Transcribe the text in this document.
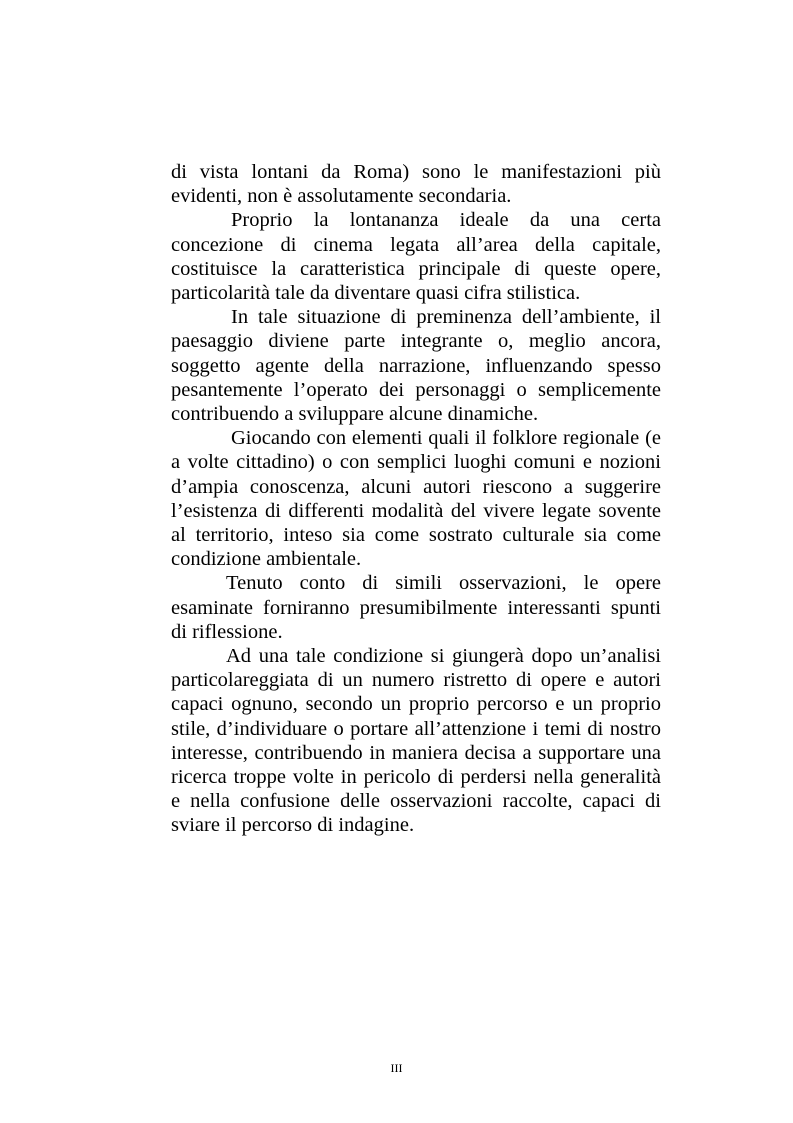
di vista lontani da Roma) sono le manifestazioni più evidenti, non è assolutamente secondaria.

Proprio la lontananza ideale da una certa concezione di cinema legata all’area della capitale, costituisce la caratteristica principale di queste opere, particolarità tale da diventare quasi cifra stilistica.

In tale situazione di preminenza dell’ambiente, il paesaggio diviene parte integrante o, meglio ancora, soggetto agente della narrazione, influenzando spesso pesantemente l’operato dei personaggi o semplicemente contribuendo a sviluppare alcune dinamiche.

Giocando con elementi quali il folklore regionale (e a volte cittadino) o con semplici luoghi comuni e nozioni d’ampia conoscenza, alcuni autori riescono a suggerire l’esistenza di differenti modalità del vivere legate sovente al territorio, inteso sia come sostrato culturale sia come condizione ambientale.

Tenuto conto di simili osservazioni, le opere esaminate forniranno presumibilmente interessanti spunti di riflessione.

Ad una tale condizione si giungerà dopo un’analisi particolareggiata di un numero ristretto di opere e autori capaci ognuno, secondo un proprio percorso e un proprio stile, d’individuare o portare all’attenzione i temi di nostro interesse, contribuendo in maniera decisa a supportare una ricerca troppe volte in pericolo di perdersi nella generalità e nella confusione delle osservazioni raccolte, capaci di sviare il percorso di indagine.

III
